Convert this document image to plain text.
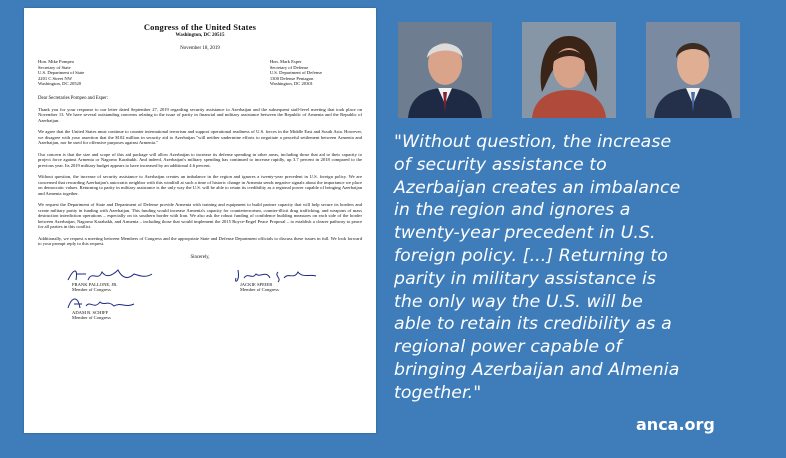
Congress of the United States
Washington, DC 20515
November 18, 2019
Hon. Mike Pompeo
Secretary of State
U.S. Department of State
2201 C Street NW
Washington, DC 20520
Hon. Mark Esper
Secretary of Defense
U.S. Department of Defense
1300 Defense Pentagon
Washington, DC 20301
Dear Secretaries Pompeo and Esper:
Thank you for your response to our letter dated September 27, 2019 regarding security assistance to Azerbaijan and the subsequent staff-level meeting that took place on November 13. We have several outstanding concerns relating to the issue of parity in financial and military assistance between the Republic of Armenia and the Republic of Azerbaijan.
We agree that the United States must continue to counter international terrorism and support operational readiness of U.S. forces in the Middle East and South Asia. However, we disagree with your assertion that the $102 million in security aid to Azerbaijan "will neither undermine efforts to negotiate a peaceful settlement between Armenia and Azerbaijan, nor be used for offensive purposes against Armenia."
Our concern is that the size and scope of this aid package will allow Azerbaijan to increase its defense spending in other areas, including those that aid to their capacity to project force against Armenia or Nagorno Karabakh. And indeed, Azerbaijan's military spending has continued to increase rapidly, up 3.7 percent in 2018 compared to the previous year. Its 2019 military budget appears to have increased by an additional 4.6 percent.
Without question, the increase of security assistance to Azerbaijan creates an imbalance in the region and ignores a twenty-year precedent in U.S. foreign policy. We are concerned that rewarding Azerbaijan's autocratic neighbor with this windfall at such a time of historic change in Armenia sends negative signals about the importance we place on democratic values. Returning to parity in military assistance is the only way the U.S. will be able to retain its credibility as a regional power capable of bringing Azerbaijan and Armenia together.
We request the Department of State and Department of Defense provide Armenia with training and equipment to build partner capacity that will help secure its borders and create military parity in funding with Azerbaijan. This funding would increase Armenia's capacity for counterterrorism, counter-illicit drug trafficking, and weapons of mass destruction interdiction operations – especially on its southern border with Iran. We also ask the robust funding of confidence building measures on each side of the border between Azerbaijan, Nagorno Karabakh, and Armenia – including those that would implement the 2015 Royce-Engel Peace Proposal – to establish a clearer pathway to peace for all parties in this conflict.
Additionally, we request a meeting between Members of Congress and the appropriate State and Defense Department officials to discuss these issues in full. We look forward to your prompt reply to this request.
Sincerely,
FRANK PALLONE, JR.
Member of Congress
JACKIE SPEIER
Member of Congress
ADAM B. SCHIFF
Member of Congress
"Without question, the increase
of security assistance to
Azerbaijan creates an imbalance
in the region and ignores a
twenty-year precedent in U.S.
foreign policy. [...] Returning to
parity in military assistance is
the only way the U.S. will be
able to retain its credibility as a
regional power capable of
bringing Azerbaijan and Almenia
together."
anca.org
